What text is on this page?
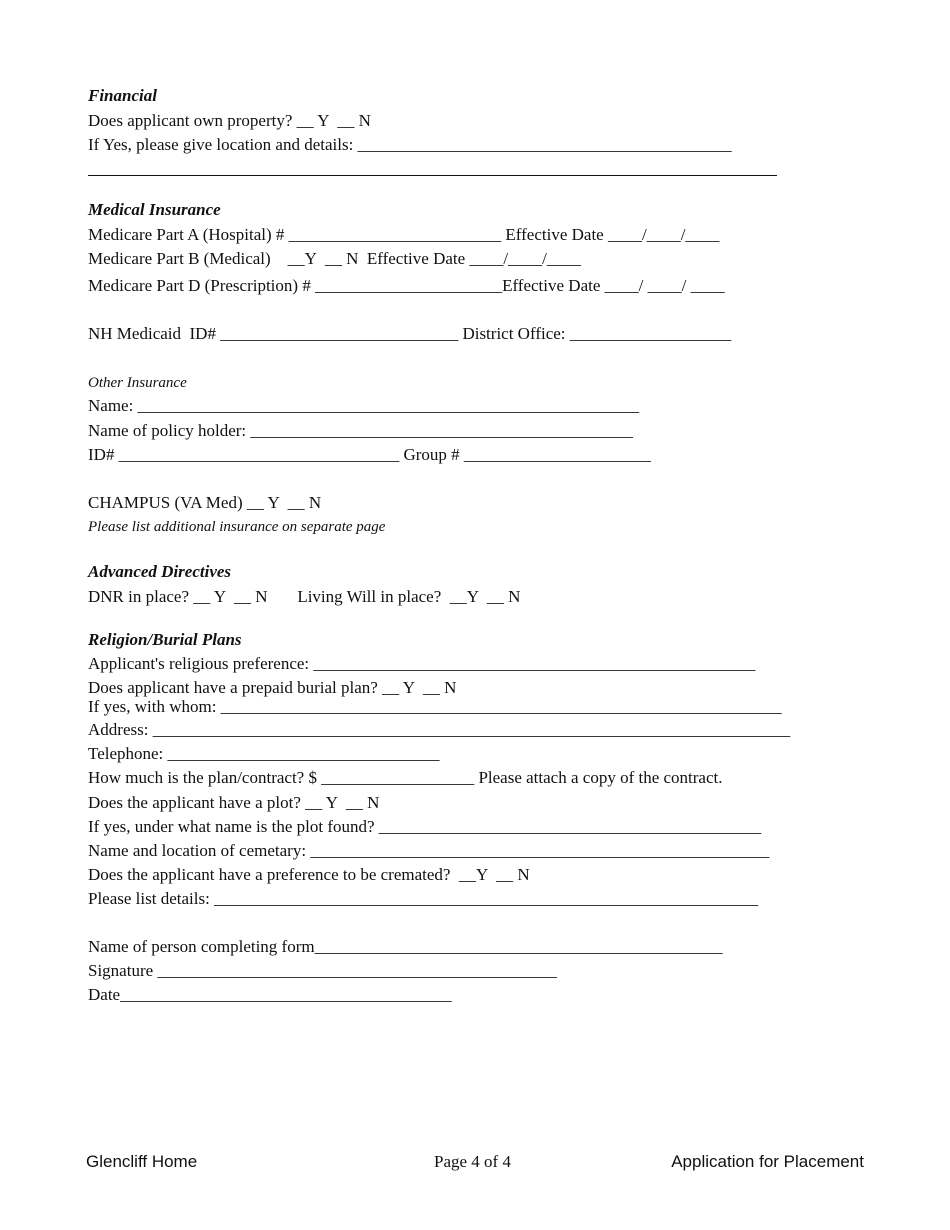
Financial
Does applicant own property? __ Y  __ N
If Yes, please give location and details: ____________________________________________
Medical Insurance
Medicare Part A (Hospital) # _________________________ Effective Date ____/____/____
Medicare Part B (Medical)    __Y  __ N  Effective Date ____/____/____
Medicare Part D (Prescription) # ______________________Effective Date ____/ ____/ ____
NH Medicaid  ID# ____________________________ District Office: ___________________
Other Insurance
Name: ___________________________________________________________
Name of policy holder: _____________________________________________
ID# _________________________________ Group # ______________________
CHAMPUS (VA Med) __ Y  __ N
Please list additional insurance on separate page
Advanced Directives
DNR in place? __ Y  __ N       Living Will in place?  __Y  __ N
Religion/Burial Plans
Applicant's religious preference: ____________________________________________________
Does applicant have a prepaid burial plan? __ Y  __ N
If yes, with whom: __________________________________________________________________
Address: ___________________________________________________________________________
Telephone: ________________________________
How much is the plan/contract? $ __________________ Please attach a copy of the contract.
Does the applicant have a plot? __ Y  __ N
If yes, under what name is the plot found? _____________________________________________
Name and location of cemetary: ______________________________________________________
Does the applicant have a preference to be cremated?  __Y  __ N
Please list details: ________________________________________________________________
Name of person completing form________________________________________________
Signature _______________________________________________
Date_______________________________________
Glencliff Home	Page 4 of 4	Application for Placement
